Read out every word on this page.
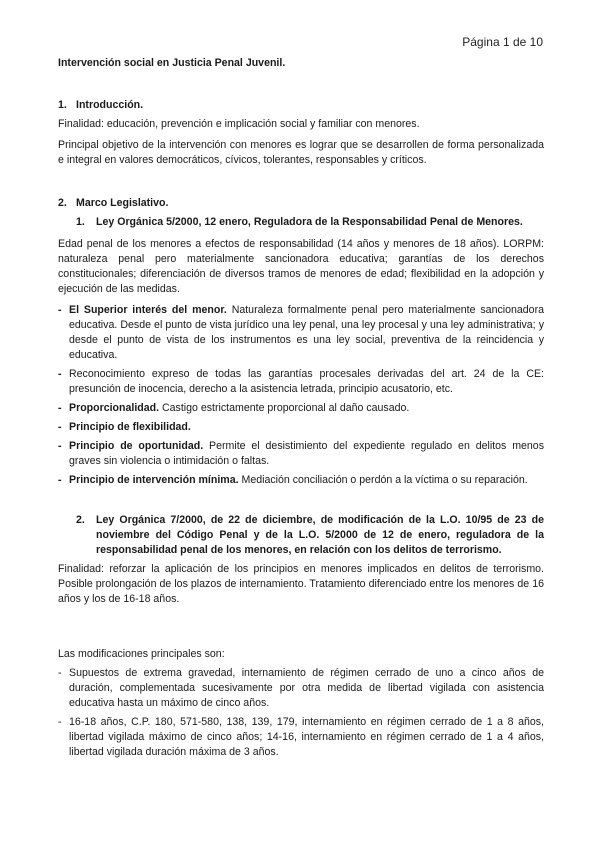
Página 1 de 10

Intervención social en Justicia Penal Juvenil.

1. Introducción.

Finalidad: educación, prevención e implicación social y familiar con menores.

Principal objetivo de la intervención con menores es lograr que se desarrollen de forma personalizada e integral en valores democráticos, cívicos, tolerantes, responsables y críticos.

2. Marco Legislativo.

1. Ley Orgánica 5/2000, 12 enero, Reguladora de la Responsabilidad Penal de Menores.

Edad penal de los menores a efectos de responsabilidad (14 años y menores de 18 años). LORPM: naturaleza penal pero materialmente sancionadora educativa; garantías de los derechos constitucionales; diferenciación de diversos tramos de menores de edad; flexibilidad en la adopción y ejecución de las medidas.

- El Superior interés del menor. Naturaleza formalmente penal pero materialmente sancionadora educativa. Desde el punto de vista jurídico una ley penal, una ley procesal y una ley administrativa; y desde el punto de vista de los instrumentos es una ley social, preventiva de la reincidencia y educativa.
- Reconocimiento expreso de todas las garantías procesales derivadas del art. 24 de la CE: presunción de inocencia, derecho a la asistencia letrada, principio acusatorio, etc.
- Proporcionalidad. Castigo estrictamente proporcional al daño causado.
- Principio de flexibilidad.
- Principio de oportunidad. Permite el desistimiento del expediente regulado en delitos menos graves sin violencia o intimidación o faltas.
- Principio de intervención mínima. Mediación conciliación o perdón a la víctima o su reparación.

2. Ley Orgánica 7/2000, de 22 de diciembre, de modificación de la L.O. 10/95 de 23 de noviembre del Código Penal y de la L.O. 5/2000 de 12 de enero, reguladora de la responsabilidad penal de los menores, en relación con los delitos de terrorismo.

Finalidad: reforzar la aplicación de los principios en menores implicados en delitos de terrorismo. Posible prolongación de los plazos de internamiento. Tratamiento diferenciado entre los menores de 16 años y los de 16-18 años.

Las modificaciones principales son:

- Supuestos de extrema gravedad, internamiento de régimen cerrado de uno a cinco años de duración, complementada sucesivamente por otra medida de libertad vigilada con asistencia educativa hasta un máximo de cinco años.
- 16-18 años, C.P. 180, 571-580, 138, 139, 179, internamiento en régimen cerrado de 1 a 8 años, libertad vigilada máximo de cinco años; 14-16, internamiento en régimen cerrado de 1 a 4 años, libertad vigilada duración máxima de 3 años.
